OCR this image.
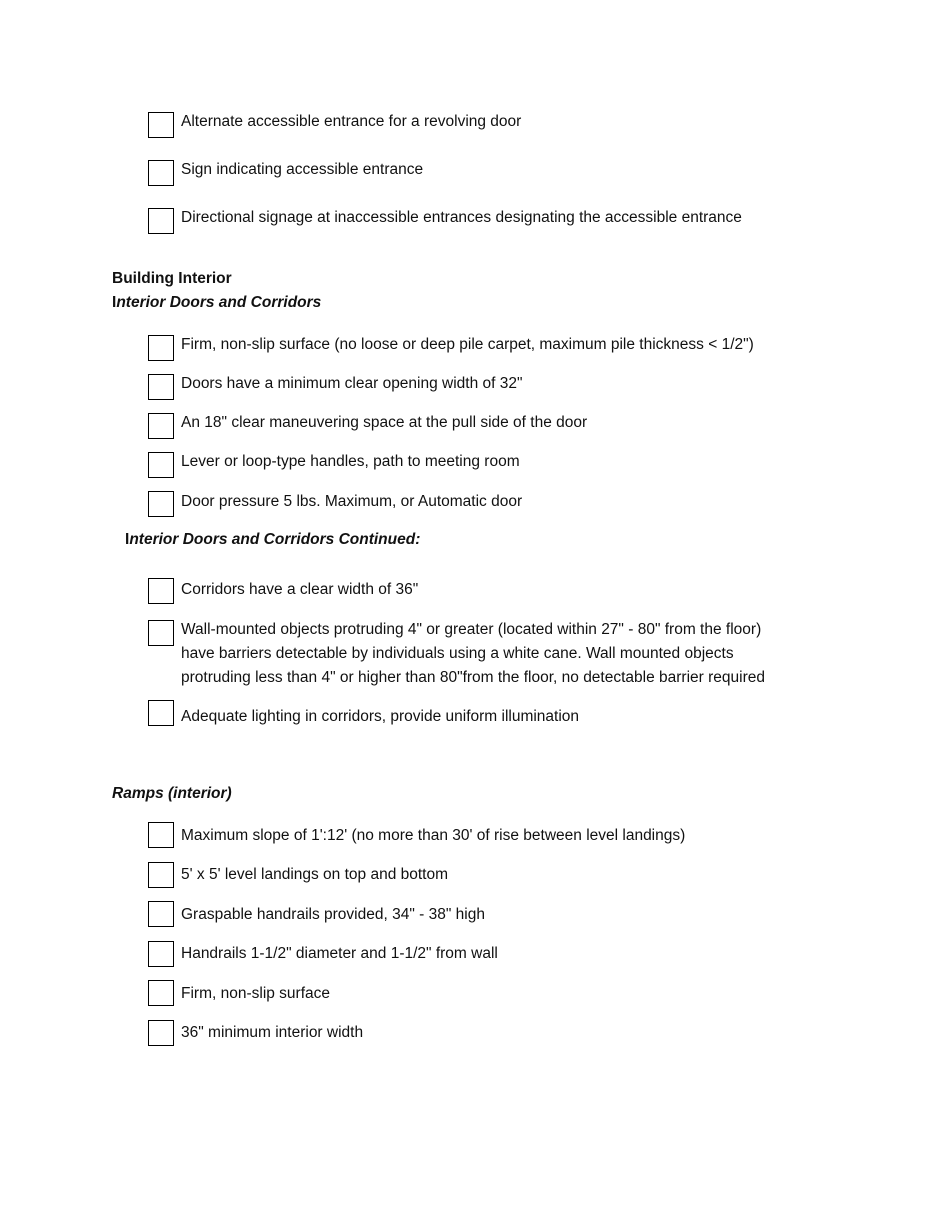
Alternate accessible entrance for a revolving door
Sign indicating accessible entrance
Directional signage at inaccessible entrances designating the accessible entrance
Building Interior
Interior Doors and Corridors
Firm, non-slip surface (no loose or deep pile carpet, maximum pile thickness < 1/2")
Doors have a minimum clear opening width of 32"
An 18" clear maneuvering space at the pull side of the door
Lever or loop-type handles, path to meeting room
Door pressure 5 lbs. Maximum, or Automatic door
Interior Doors and Corridors Continued:
Corridors have a clear width of 36"
Wall-mounted objects protruding 4" or greater (located within 27" - 80" from the floor)
have barriers detectable by individuals using a white cane. Wall mounted objects
protruding less than 4" or higher than 80"from the floor, no detectable barrier required
Adequate lighting in corridors, provide uniform illumination
Ramps (interior)
Maximum slope of 1':12' (no more than 30' of rise between level landings)
5' x 5' level landings on top and bottom
Graspable handrails provided, 34" - 38" high
Handrails 1-1/2" diameter and 1-1/2" from wall
Firm, non-slip surface
36" minimum interior width
